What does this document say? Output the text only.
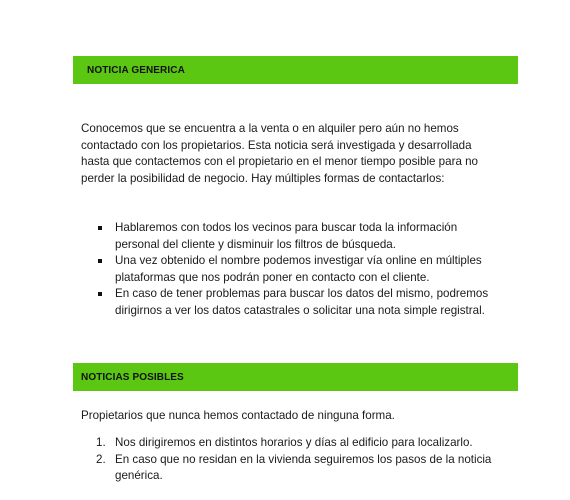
NOTICIA GENERICA
Conocemos que se encuentra a la venta o en alquiler pero aún no hemos contactado con los propietarios. Esta noticia será investigada y desarrollada hasta que contactemos con el propietario en el menor tiempo posible para no perder la posibilidad de negocio. Hay múltiples formas de contactarlos:
Hablaremos con todos los vecinos para buscar toda la información personal del cliente y disminuir los filtros de búsqueda.
Una vez obtenido el nombre podemos investigar vía online en múltiples plataformas que nos podrán poner en contacto con el cliente.
En caso de tener problemas para buscar los datos del mismo, podremos dirigirnos a ver los datos catastrales o solicitar una nota simple registral.
NOTICIAS POSIBLES
Propietarios que nunca hemos contactado de ninguna forma.
1. Nos dirigiremos en distintos horarios y días al edificio para localizarlo.
2. En caso que no residan en la vivienda seguiremos los pasos de la noticia genérica.
